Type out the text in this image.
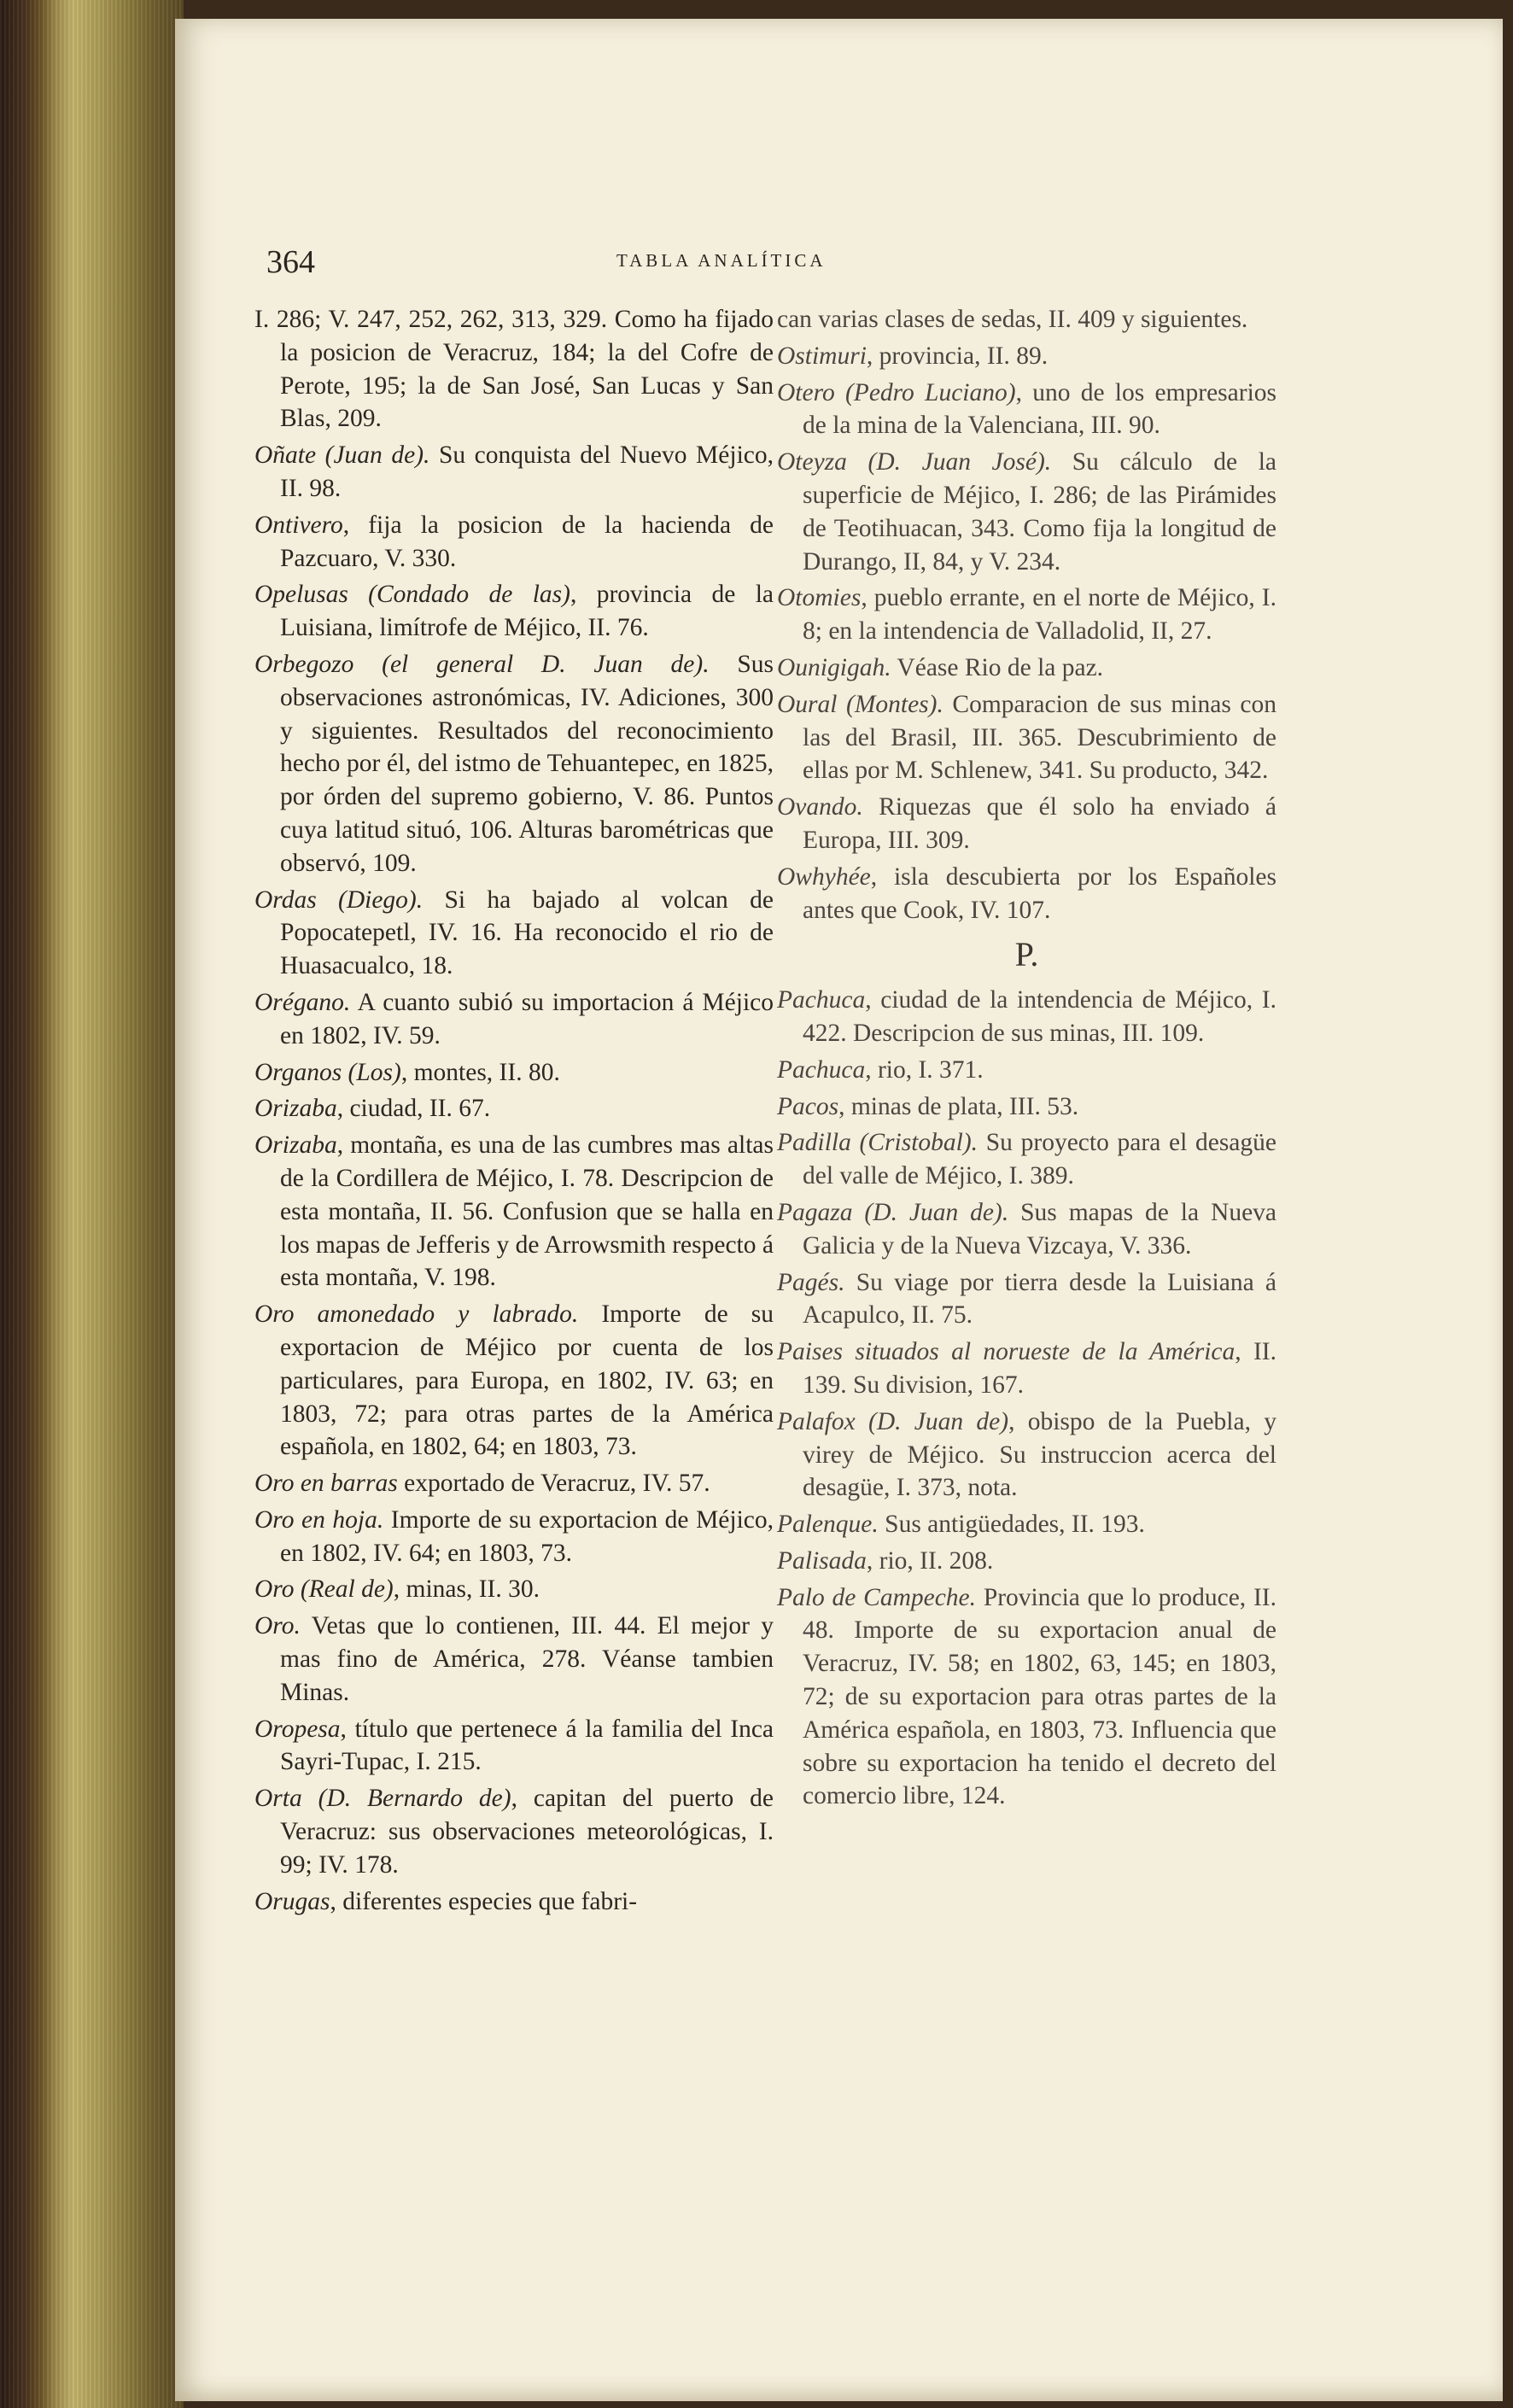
364	TABLA ANALÍTICA

I. 286; V. 247, 252, 262, 313, 329. Como ha fijado la posicion de Veracruz, 184; la del Cofre de Perote, 195; la de San José, San Lucas y San Blas, 209.

Oñate (Juan de). Su conquista del Nuevo Méjico, II. 98.

Ontivero, fija la posicion de la hacienda de Pazcuaro, V. 330.

Opelusas (Condado de las), provincia de la Luisiana, limítrofe de Méjico, II. 76.

Orbegozo (el general D. Juan de). Sus observaciones astronómicas, IV. Adiciones, 300 y siguientes. Resultados del reconocimiento hecho por él, del istmo de Tehuantepec, en 1825, por órden del supremo gobierno, V. 86. Puntos cuya latitud situó, 106. Alturas barométricas que observó, 109.

Ordas (Diego). Si ha bajado al volcan de Popocatepetl, IV. 16. Ha reconocido el rio de Huasacualco, 18.

Orégano. A cuanto subió su importacion á Méjico en 1802, IV. 59.

Organos (Los), montes, II. 80.

Orizaba, ciudad, II. 67.

Orizaba, montaña, es una de las cumbres mas altas de la Cordillera de Méjico, I. 78. Descripcion de esta montaña, II. 56. Confusion que se halla en los mapas de Jefferis y de Arrowsmith respecto á esta montaña, V. 198.

Oro amonedado y labrado. Importe de su exportacion de Méjico por cuenta de los particulares, para Europa, en 1802, IV. 63; en 1803, 72; para otras partes de la América española, en 1802, 64; en 1803, 73.

Oro en barras exportado de Veracruz, IV. 57.

Oro en hoja. Importe de su exportacion de Méjico, en 1802, IV. 64; en 1803, 73.

Oro (Real de), minas, II. 30.

Oro. Vetas que lo contienen, III. 44. El mejor y mas fino de América, 278. Véanse tambien Minas.

Oropesa, título que pertenece á la familia del Inca Sayri-Tupac, I. 215.

Orta (D. Bernardo de), capitan del puerto de Veracruz: sus observaciones meteorológicas, I. 99; IV. 178.

Orugas, diferentes especies que fabri-

can varias clases de sedas, II. 409 y siguientes.

Ostimuri, provincia, II. 89.

Otero (Pedro Luciano), uno de los empresarios de la mina de la Valenciana, III. 90.

Oteyza (D. Juan José). Su cálculo de la superficie de Méjico, I. 286; de las Pirámides de Teotihuacan, 343. Como fija la longitud de Durango, II, 84, y V. 234.

Otomies, pueblo errante, en el norte de Méjico, I. 8; en la intendencia de Valladolid, II, 27.

Ounigigah. Véase Rio de la paz.

Oural (Montes). Comparacion de sus minas con las del Brasil, III. 365. Descubrimiento de ellas por M. Schlenew, 341. Su producto, 342.

Ovando. Riquezas que él solo ha enviado á Europa, III. 309.

Owhyhée, isla descubierta por los Españoles antes que Cook, IV. 107.

P.

Pachuca, ciudad de la intendencia de Méjico, I. 422. Descripcion de sus minas, III. 109.

Pachuca, rio, I. 371.

Pacos, minas de plata, III. 53.

Padilla (Cristobal). Su proyecto para el desagüe del valle de Méjico, I. 389.

Pagaza (D. Juan de). Sus mapas de la Nueva Galicia y de la Nueva Vizcaya, V. 336.

Pagés. Su viage por tierra desde la Luisiana á Acapulco, II. 75.

Paises situados al norueste de la América, II. 139. Su division, 167.

Palafox (D. Juan de), obispo de la Puebla, y virey de Méjico. Su instruccion acerca del desagüe, I. 373, nota.

Palenque. Sus antigüedades, II. 193.

Palisada, rio, II. 208.

Palo de Campeche. Provincia que lo produce, II. 48. Importe de su exportacion anual de Veracruz, IV. 58; en 1802, 63, 145; en 1803, 72; de su exportacion para otras partes de la América española, en 1803, 73. Influencia que sobre su exportacion ha tenido el decreto del comercio libre, 124.
